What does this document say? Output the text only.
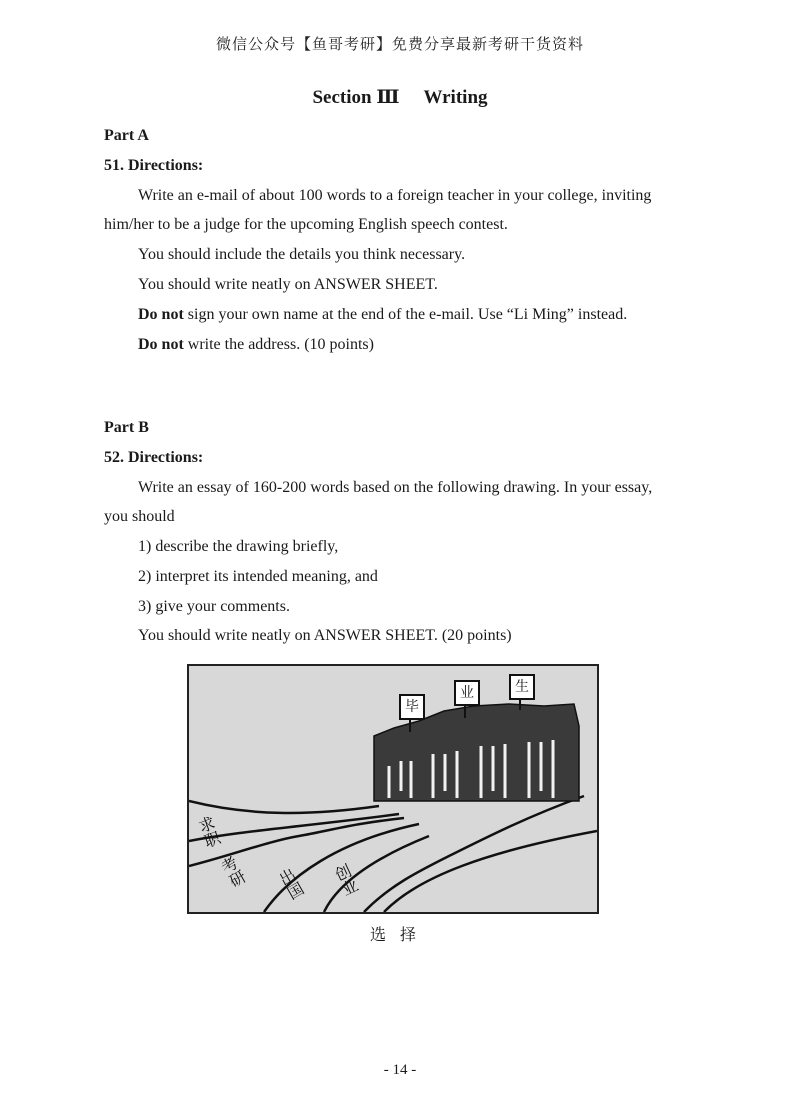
微信公众号【鱼哥考研】免费分享最新考研干货资料
Section Ⅲ Writing
Part A
51. Directions:
Write an e-mail of about 100 words to a foreign teacher in your college, inviting
him/her to be a judge for the upcoming English speech contest.
You should include the details you think necessary.
You should write neatly on ANSWER SHEET.
Do not sign your own name at the end of the e-mail. Use “Li Ming” instead.
Do not write the address. (10 points)
Part B
52. Directions:
Write an essay of 160-200 words based on the following drawing. In your essay,
you should
1) describe the drawing briefly,
2) interpret its intended meaning, and
3) give your comments.
You should write neatly on ANSWER SHEET. (20 points)
毕
业	生
求职
考研 出国 创业
选择
- 14 -
